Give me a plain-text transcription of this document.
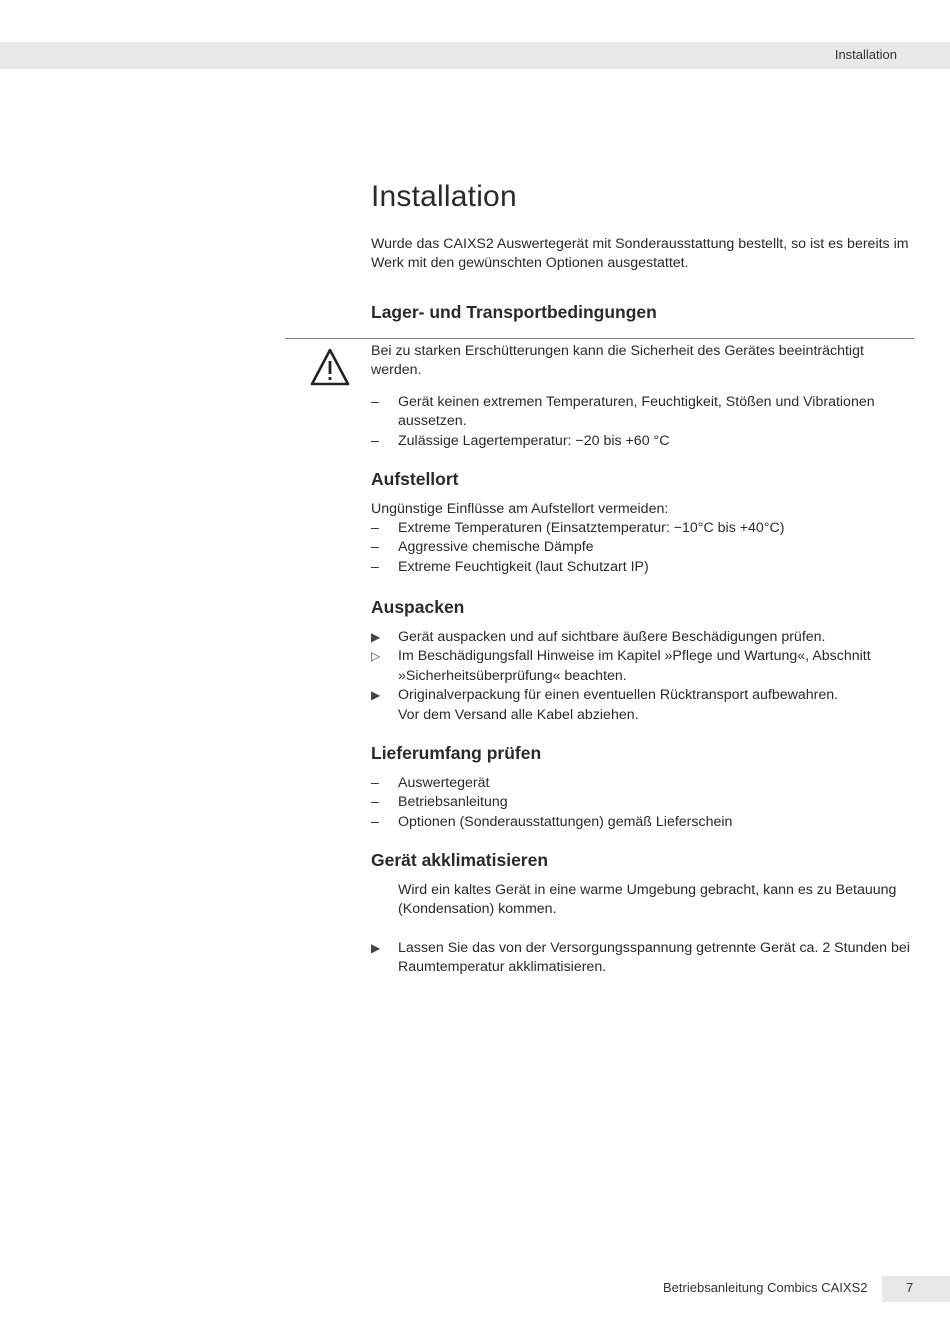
Installation
Installation
Wurde das CAIXS2 Auswertegerät mit Sonderausstattung bestellt, so ist es bereits im Werk mit den gewünschten Optionen ausgestattet.
Lager- und Transportbedingungen
Bei zu starken Erschütterungen kann die Sicherheit des Gerätes beeinträchtigt werden.
–	Gerät keinen extremen Temperaturen, Feuchtigkeit, Stößen und Vibrationen aussetzen.
–	Zulässige Lagertemperatur: −20 bis +60 °C
Aufstellort
Ungünstige Einflüsse am Aufstellort vermeiden:
–	Extreme Temperaturen (Einsatztemperatur: −10°C bis +40°C)
–	Aggressive chemische Dämpfe
–	Extreme Feuchtigkeit (laut Schutzart IP)
Auspacken
▶	Gerät auspacken und auf sichtbare äußere Beschädigungen prüfen.
▷	Im Beschädigungsfall Hinweise im Kapitel »Pflege und Wartung«, Abschnitt »Sicherheitsüberprüfung« beachten.
▶	Originalverpackung für einen eventuellen Rücktransport aufbewahren.
Vor dem Versand alle Kabel abziehen.
Lieferumfang prüfen
–	Auswertegerät
–	Betriebsanleitung
–	Optionen (Sonderausstattungen) gemäß Lieferschein
Gerät akklimatisieren
Wird ein kaltes Gerät in eine warme Umgebung gebracht, kann es zu Betauung (Kondensation) kommen.
▶	Lassen Sie das von der Versorgungsspannung getrennte Gerät ca. 2 Stunden bei Raumtemperatur akklimatisieren.
Betriebsanleitung Combics CAIXS2	7
